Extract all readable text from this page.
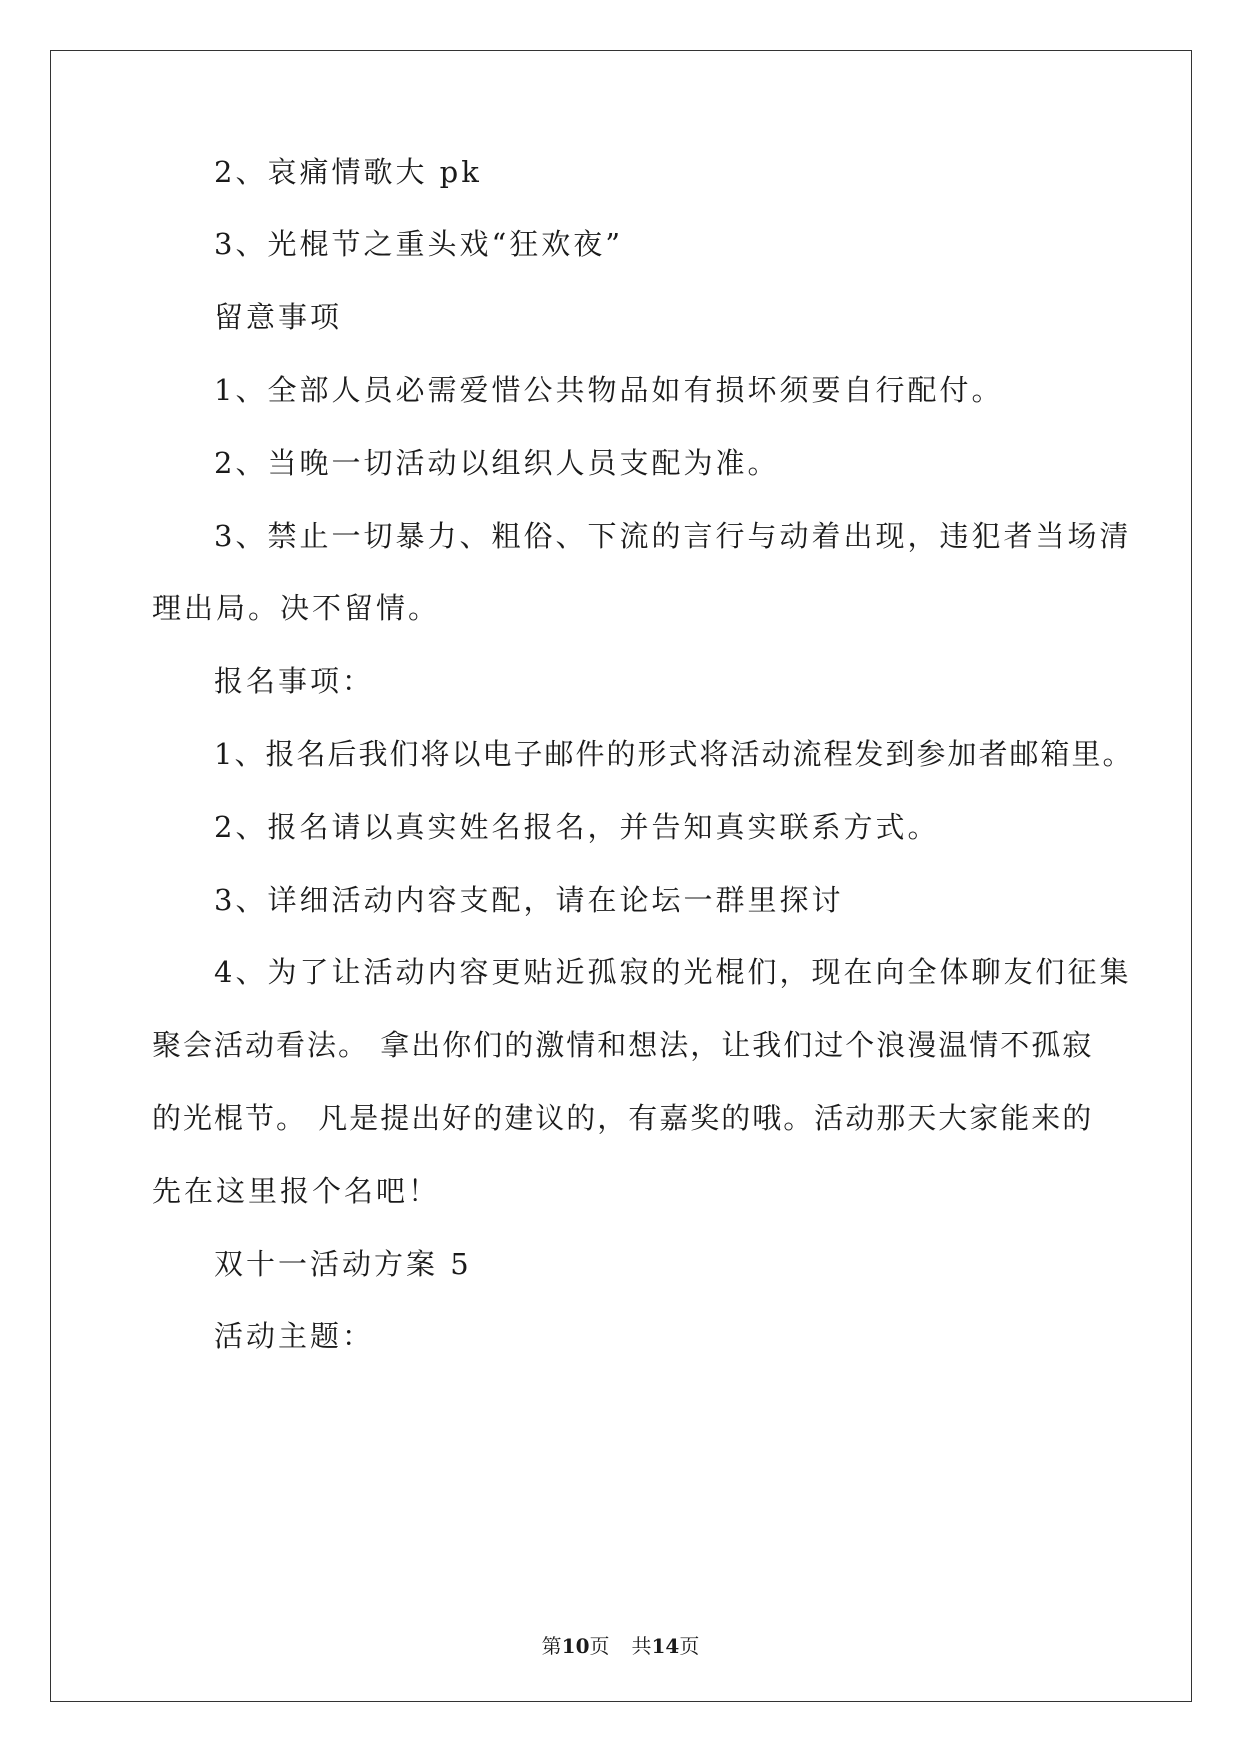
2、哀痛情歌大 pk
3、光棍节之重头戏“狂欢夜”
留意事项
1、全部人员必需爱惜公共物品如有损坏须要自行配付。
2、当晚一切活动以组织人员支配为准。
3、禁止一切暴力、粗俗、下流的言行与动着出现，违犯者当场清
理出局。决不留情。
报名事项：
1、报名后我们将以电子邮件的形式将活动流程发到参加者邮箱里。
2、报名请以真实姓名报名，并告知真实联系方式。
3、详细活动内容支配，请在论坛一群里探讨
4、为了让活动内容更贴近孤寂的光棍们，现在向全体聊友们征集
聚会活动看法。 拿出你们的激情和想法，让我们过个浪漫温情不孤寂
的光棍节。 凡是提出好的建议的，有嘉奖的哦。活动那天大家能来的
先在这里报个名吧！
双十一活动方案 5
活动主题：
第10页 共14页
